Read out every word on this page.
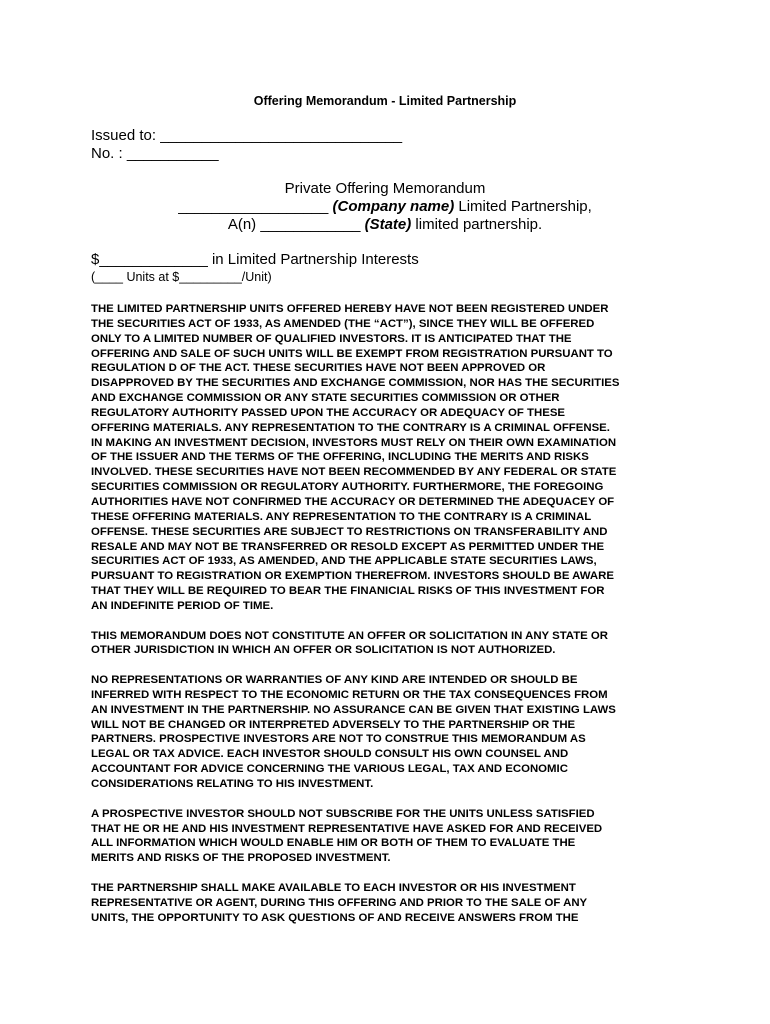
Offering Memorandum - Limited Partnership
Issued to: _____________________________
No. : ___________
Private Offering Memorandum
__________________ (Company name) Limited Partnership,
A(n) ____________ (State) limited partnership.
$_____________ in Limited Partnership Interests
(____ Units at $_________/Unit)
THE LIMITED PARTNERSHIP UNITS OFFERED HEREBY HAVE NOT BEEN REGISTERED UNDER
THE SECURITIES ACT OF 1933, AS AMENDED (THE “ACT”), SINCE THEY WILL BE OFFERED
ONLY TO A LIMITED NUMBER OF QUALIFIED INVESTORS. IT IS ANTICIPATED THAT THE
OFFERING AND SALE OF SUCH UNITS WILL BE EXEMPT FROM REGISTRATION PURSUANT TO
REGULATION D OF THE ACT. THESE SECURITIES HAVE NOT BEEN APPROVED OR
DISAPPROVED BY THE SECURITIES AND EXCHANGE COMMISSION, NOR HAS THE SECURITIES
AND EXCHANGE COMMISSION OR ANY STATE SECURITIES COMMISSION OR OTHER
REGULATORY AUTHORITY PASSED UPON THE ACCURACY OR ADEQUACY OF THESE
OFFERING MATERIALS. ANY REPRESENTATION TO THE CONTRARY IS A CRIMINAL OFFENSE.
IN MAKING AN INVESTMENT DECISION, INVESTORS MUST RELY ON THEIR OWN EXAMINATION
OF THE ISSUER AND THE TERMS OF THE OFFERING, INCLUDING THE MERITS AND RISKS
INVOLVED. THESE SECURITIES HAVE NOT BEEN RECOMMENDED BY ANY FEDERAL OR STATE
SECURITIES COMMISSION OR REGULATORY AUTHORITY. FURTHERMORE, THE FOREGOING
AUTHORITIES HAVE NOT CONFIRMED THE ACCURACY OR DETERMINED THE ADEQUACEY OF
THESE OFFERING MATERIALS. ANY REPRESENTATION TO THE CONTRARY IS A CRIMINAL
OFFENSE. THESE SECURITIES ARE SUBJECT TO RESTRICTIONS ON TRANSFERABILITY AND
RESALE AND MAY NOT BE TRANSFERRED OR RESOLD EXCEPT AS PERMITTED UNDER THE
SECURITIES ACT OF 1933, AS AMENDED, AND THE APPLICABLE STATE SECURITIES LAWS,
PURSUANT TO REGISTRATION OR EXEMPTION THEREFROM. INVESTORS SHOULD BE AWARE
THAT THEY WILL BE REQUIRED TO BEAR THE FINANICIAL RISKS OF THIS INVESTMENT FOR
AN INDEFINITE PERIOD OF TIME.
THIS MEMORANDUM DOES NOT CONSTITUTE AN OFFER OR SOLICITATION IN ANY STATE OR
OTHER JURISDICTION IN WHICH AN OFFER OR SOLICITATION IS NOT AUTHORIZED.
NO REPRESENTATIONS OR WARRANTIES OF ANY KIND ARE INTENDED OR SHOULD BE
INFERRED WITH RESPECT TO THE ECONOMIC RETURN OR THE TAX CONSEQUENCES FROM
AN INVESTMENT IN THE PARTNERSHIP. NO ASSURANCE CAN BE GIVEN THAT EXISTING LAWS
WILL NOT BE CHANGED OR INTERPRETED ADVERSELY TO THE PARTNERSHIP OR THE
PARTNERS. PROSPECTIVE INVESTORS ARE NOT TO CONSTRUE THIS MEMORANDUM AS
LEGAL OR TAX ADVICE. EACH INVESTOR SHOULD CONSULT HIS OWN COUNSEL AND
ACCOUNTANT FOR ADVICE CONCERNING THE VARIOUS LEGAL, TAX AND ECONOMIC
CONSIDERATIONS RELATING TO HIS INVESTMENT.
A PROSPECTIVE INVESTOR SHOULD NOT SUBSCRIBE FOR THE UNITS UNLESS SATISFIED
THAT HE OR HE AND HIS INVESTMENT REPRESENTATIVE HAVE ASKED FOR AND RECEIVED
ALL INFORMATION WHICH WOULD ENABLE HIM OR BOTH OF THEM TO EVALUATE THE
MERITS AND RISKS OF THE PROPOSED INVESTMENT.
THE PARTNERSHIP SHALL MAKE AVAILABLE TO EACH INVESTOR OR HIS INVESTMENT
REPRESENTATIVE OR AGENT, DURING THIS OFFERING AND PRIOR TO THE SALE OF ANY
UNITS, THE OPPORTUNITY TO ASK QUESTIONS OF AND RECEIVE ANSWERS FROM THE
